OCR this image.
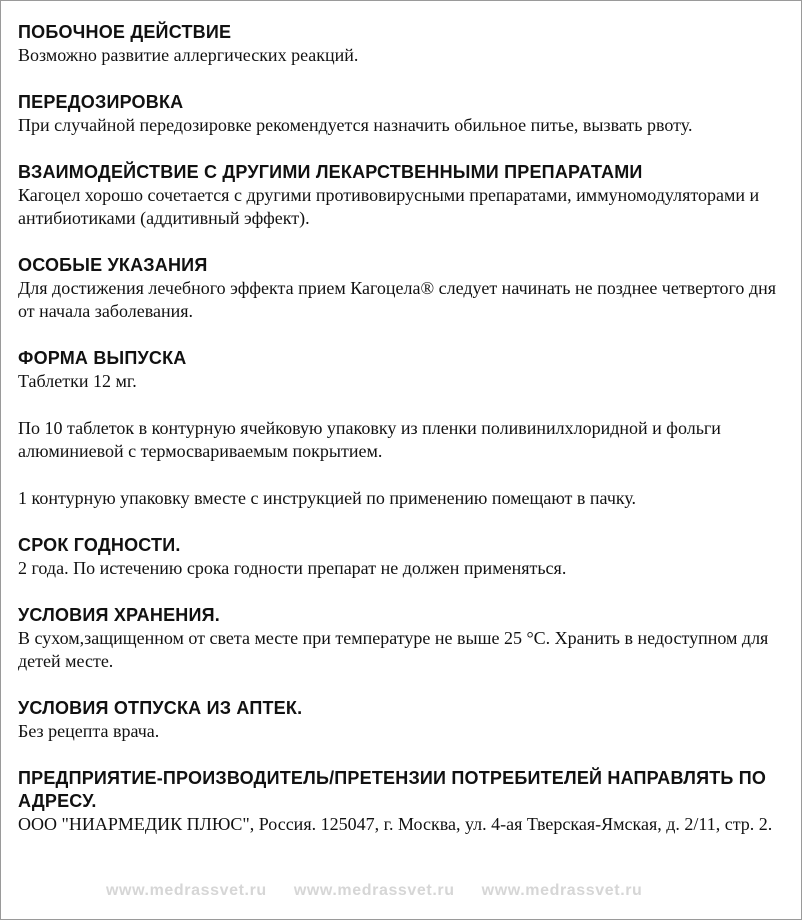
ПОБОЧНОЕ ДЕЙСТВИЕ

Возможно развитие аллергических реакций.

ПЕРЕДОЗИРОВКА

При случайной передозировке рекомендуется назначить обильное питье, вызвать рвоту.

ВЗАИМОДЕЙСТВИЕ С ДРУГИМИ ЛЕКАРСТВЕННЫМИ ПРЕПАРАТАМИ

Кагоцел хорошо сочетается с другими противовирусными препаратами, иммуномодуляторами и антибиотиками (аддитивный эффект).

ОСОБЫЕ УКАЗАНИЯ

Для достижения лечебного эффекта прием Кагоцела® следует начинать не позднее четвертого дня от начала заболевания.

ФОРМА ВЫПУСКА

Таблетки 12 мг.

По 10 таблеток в контурную ячейковую упаковку из пленки поливинилхлоридной и фольги алюминиевой с термосвариваемым покрытием.

1 контурную упаковку вместе с инструкцией по применению помещают в пачку.

СРОК ГОДНОСТИ.

2 года. По истечению срока годности препарат не должен применяться.

УСЛОВИЯ ХРАНЕНИЯ.

В сухом,защищенном от света месте при температуре не выше 25 °С. Хранить в недоступном для детей месте.

УСЛОВИЯ ОТПУСКА ИЗ АПТЕК.

Без рецепта врача.

ПРЕДПРИЯТИЕ-ПРОИЗВОДИТЕЛЬ/ПРЕТЕНЗИИ ПОТРЕБИТЕЛЕЙ НАПРАВЛЯТЬ ПО АДРЕСУ.

ООО "НИАРМЕДИК ПЛЮС", Россия. 125047, г. Москва, ул. 4-ая Тверская-Ямская, д. 2/11, стр. 2.

www.medrassvet.ru www.medrassvet.ru www.medrassvet.ru
